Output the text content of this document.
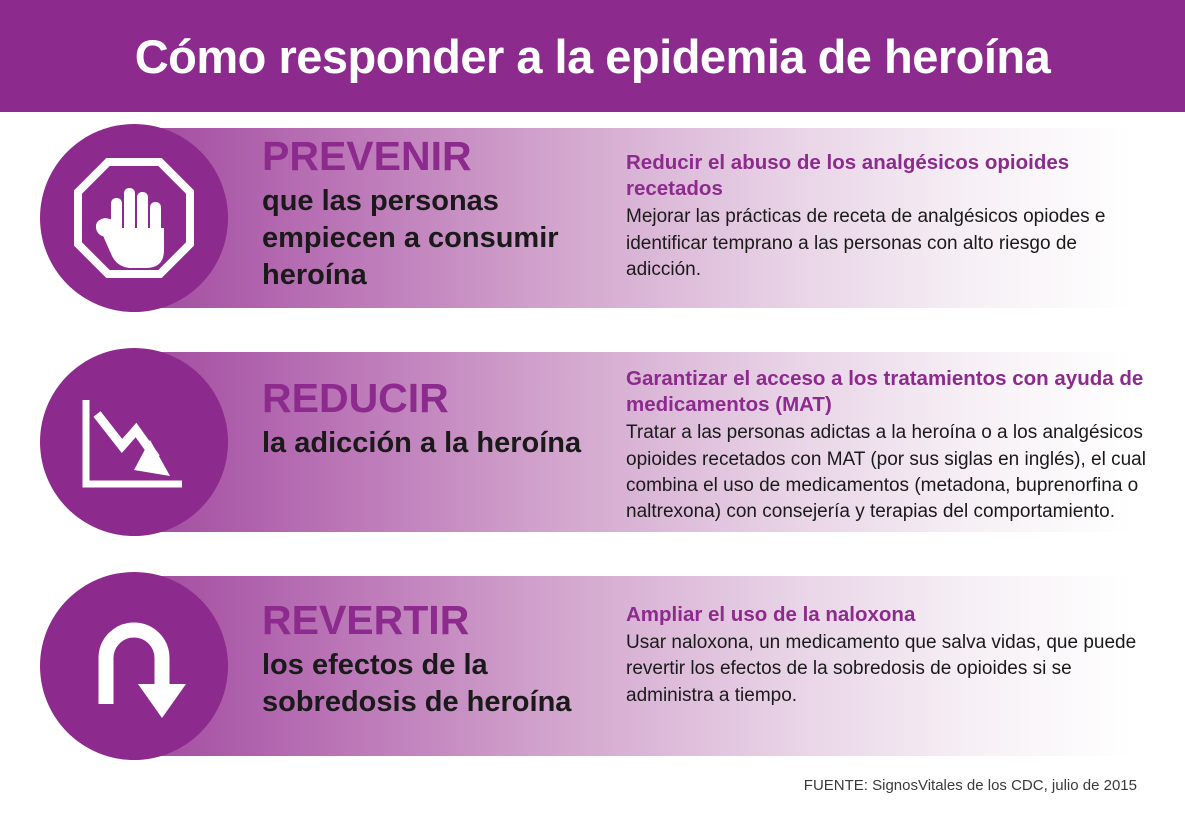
Cómo responder a la epidemia de heroína
PREVENIR
que las personas empiecen a consumir heroína
Reducir el abuso de los analgésicos opioides recetados
Mejorar las prácticas de receta de analgésicos opiodes e identificar temprano a las personas con alto riesgo de adicción.
REDUCIR
la adicción a la heroína
Garantizar el acceso a los tratamientos con ayuda de medicamentos (MAT)
Tratar a las personas adictas a la heroína o a los analgésicos opioides recetados con MAT (por sus siglas en inglés), el cual combina el uso de medicamentos (metadona, buprenorfina o naltrexona) con consejería y terapias del comportamiento.
REVERTIR
los efectos de la sobredosis de heroína
Ampliar el uso de la naloxona
Usar naloxona, un medicamento que salva vidas, que puede revertir los efectos de la sobredosis de opioides si se administra a tiempo.
FUENTE: SignosVitales de los CDC, julio de 2015
